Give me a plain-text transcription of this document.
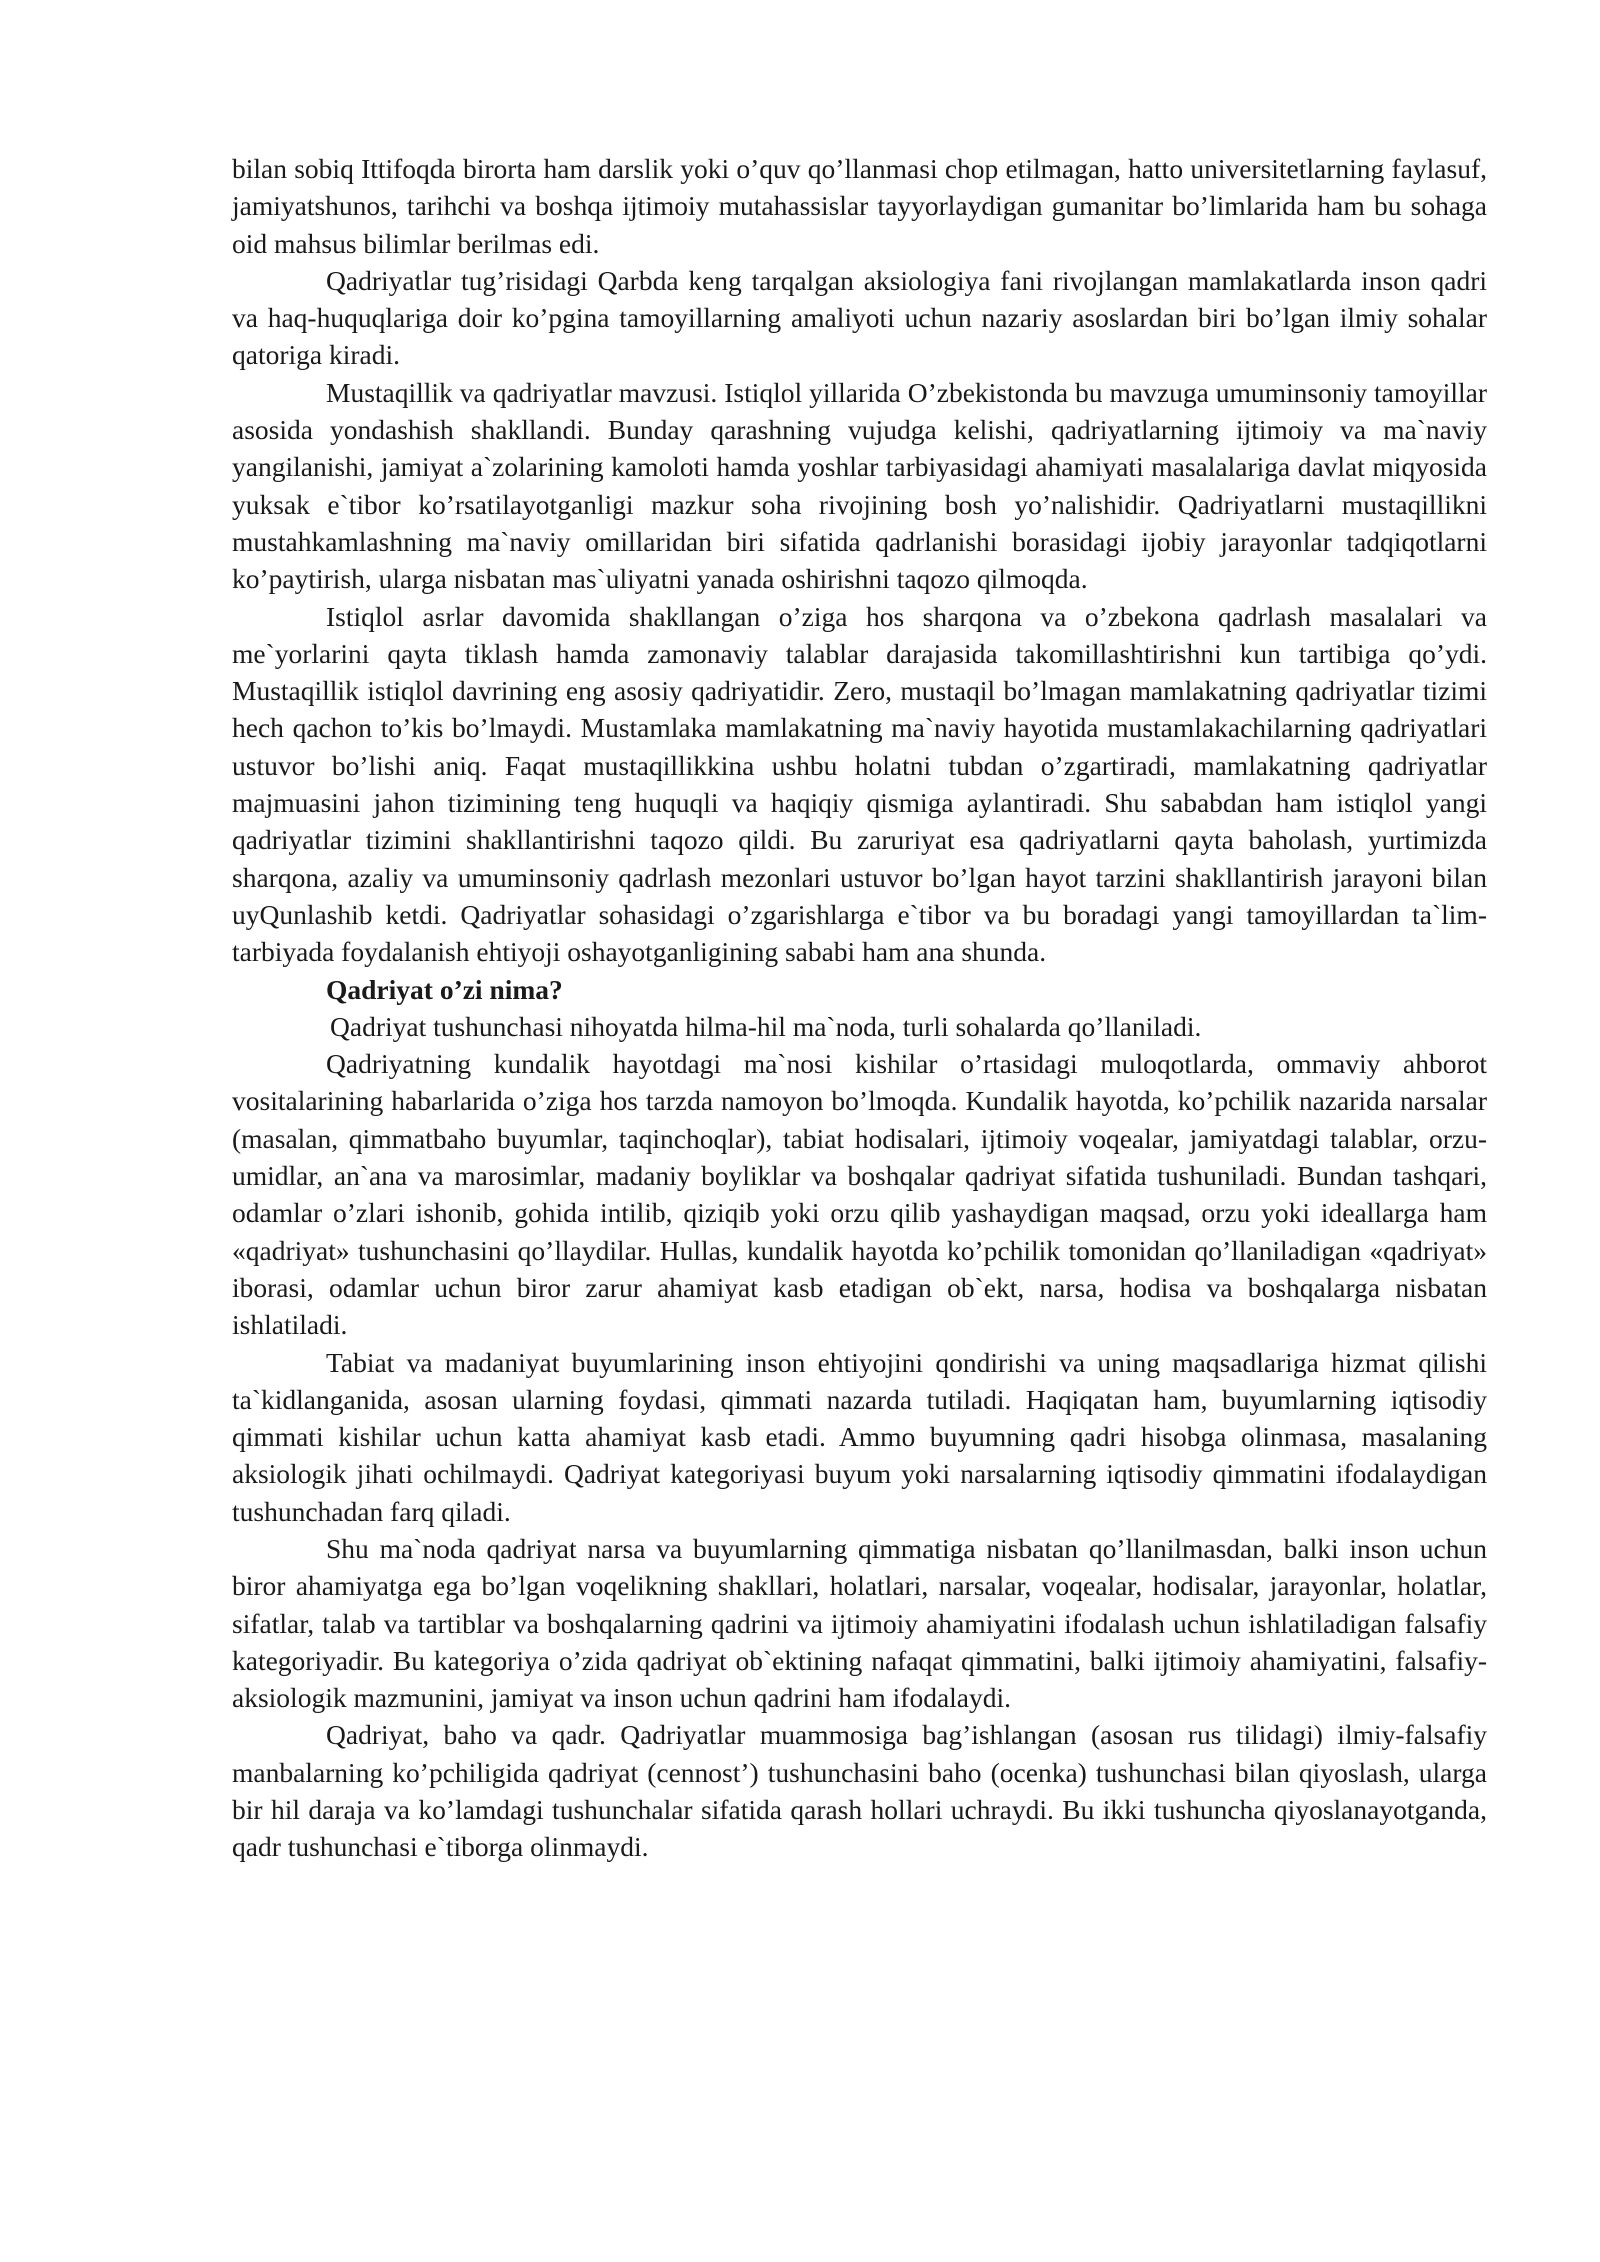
bilan sobiq Ittifoqda birorta ham darslik yoki o’quv qo’llanmasi chop etilmagan, hatto universitetlarning faylasuf, jamiyatshunos, tarihchi va boshqa ijtimoiy mutahassislar tayyorlaydigan gumanitar bo’limlarida ham bu sohaga oid mahsus bilimlar berilmas edi.

Qadriyatlar tug’risidagi Qarbda keng tarqalgan aksiologiya fani rivojlangan mamlakatlarda inson qadri va haq-huquqlariga doir ko’pgina tamoyillarning amaliyoti uchun nazariy asoslardan biri bo’lgan ilmiy sohalar qatoriga kiradi.

Mustaqillik va qadriyatlar mavzusi. Istiqlol yillarida O’zbekistonda bu mavzuga umuminsoniy tamoyillar asosida yondashish shakllandi. Bunday qarashning vujudga kelishi, qadriyatlarning ijtimoiy va ma`naviy yangilanishi, jamiyat a`zolarining kamoloti hamda yoshlar tarbiyasidagi ahamiyati masalalariga davlat miqyosida yuksak e`tibor ko’rsatilayotganligi mazkur soha rivojining bosh yo’nalishidir. Qadriyatlarni mustaqillikni mustahkamlashning ma`naviy omillaridan biri sifatida qadrlanishi borasidagi ijobiy jarayonlar tadqiqotlarni ko’paytirish, ularga nisbatan mas`uliyatni yanada oshirishni taqozo qilmoqda.

Istiqlol asrlar davomida shakllangan o’ziga hos sharqona va o’zbekona qadrlash masalalari va me`yorlarini qayta tiklash hamda zamonaviy talablar darajasida takomillashtirishni kun tartibiga qo’ydi. Mustaqillik istiqlol davrining eng asosiy qadriyatidir. Zero, mustaqil bo’lmagan mamlakatning qadriyatlar tizimi hech qachon to’kis bo’lmaydi. Mustamlaka mamlakatning ma`naviy hayotida mustamlakachilarning qadriyatlari ustuvor bo’lishi aniq. Faqat mustaqillikkina ushbu holatni tubdan o’zgartiradi, mamlakatning qadriyatlar majmuasini jahon tizimining teng huquqli va haqiqiy qismiga aylantiradi. Shu sababdan ham istiqlol yangi qadriyatlar tizimini shakllantirishni taqozo qildi. Bu zaruriyat esa qadriyatlarni qayta baholash, yurtimizda sharqona, azaliy va umuminsoniy qadrlash mezonlari ustuvor bo’lgan hayot tarzini shakllantirish jarayoni bilan uyQunlashib ketdi. Qadriyatlar sohasidagi o’zgarishlarga e`tibor va bu boradagi yangi tamoyillardan ta`lim-tarbiyada foydalanish ehtiyoji oshayotganligining sababi ham ana shunda.

Qadriyat o’zi nima?

Qadriyat tushunchasi nihoyatda hilma-hil ma`noda, turli sohalarda qo’llaniladi.

Qadriyatning kundalik hayotdagi ma`nosi kishilar o’rtasidagi muloqotlarda, ommaviy ahborot vositalarining habarlarida o’ziga hos tarzda namoyon bo’lmoqda. Kundalik hayotda, ko’pchilik nazarida narsalar (masalan, qimmatbaho buyumlar, taqinchoqlar), tabiat hodisalari, ijtimoiy voqealar, jamiyatdagi talablar, orzu-umidlar, an`ana va marosimlar, madaniy boyliklar va boshqalar qadriyat sifatida tushuniladi. Bundan tashqari, odamlar o’zlari ishonib, gohida intilib, qiziqib yoki orzu qilib yashaydigan maqsad, orzu yoki ideallarga ham «qadriyat» tushunchasini qo’llaydilar. Hullas, kundalik hayotda ko’pchilik tomonidan qo’llaniladigan «qadriyat» iborasi, odamlar uchun biror zarur ahamiyat kasb etadigan ob`ekt, narsa, hodisa va boshqalarga nisbatan ishlatiladi.

Tabiat va madaniyat buyumlarining inson ehtiyojini qondirishi va uning maqsadlariga hizmat qilishi ta`kidlanganida, asosan ularning foydasi, qimmati nazarda tutiladi. Haqiqatan ham, buyumlarning iqtisodiy qimmati kishilar uchun katta ahamiyat kasb etadi. Ammo buyumning qadri hisobga olinmasa, masalaning aksiologik jihati ochilmaydi. Qadriyat kategoriyasi buyum yoki narsalarning iqtisodiy qimmatini ifodalaydigan tushunchadan farq qiladi.

Shu ma`noda qadriyat narsa va buyumlarning qimmatiga nisbatan qo’llanilmasdan, balki inson uchun biror ahamiyatga ega bo’lgan voqelikning shakllari, holatlari, narsalar, voqealar, hodisalar, jarayonlar, holatlar, sifatlar, talab va tartiblar va boshqalarning qadrini va ijtimoiy ahamiyatini ifodalash uchun ishlatiladigan falsafiy kategoriyadir. Bu kategoriya o’zida qadriyat ob`ektining nafaqat qimmatini, balki ijtimoiy ahamiyatini, falsafiy-aksiologik mazmunini, jamiyat va inson uchun qadrini ham ifodalaydi.

Qadriyat, baho va qadr. Qadriyatlar muammosiga bag’ishlangan (asosan rus tilidagi) ilmiy-falsafiy manbalarning ko’pchiligida qadriyat (cennost’) tushunchasini baho (ocenka) tushunchasi bilan qiyoslash, ularga bir hil daraja va ko’lamdagi tushunchalar sifatida qarash hollari uchraydi. Bu ikki tushuncha qiyoslanayotganda, qadr tushunchasi e`tiborga olinmaydi.
